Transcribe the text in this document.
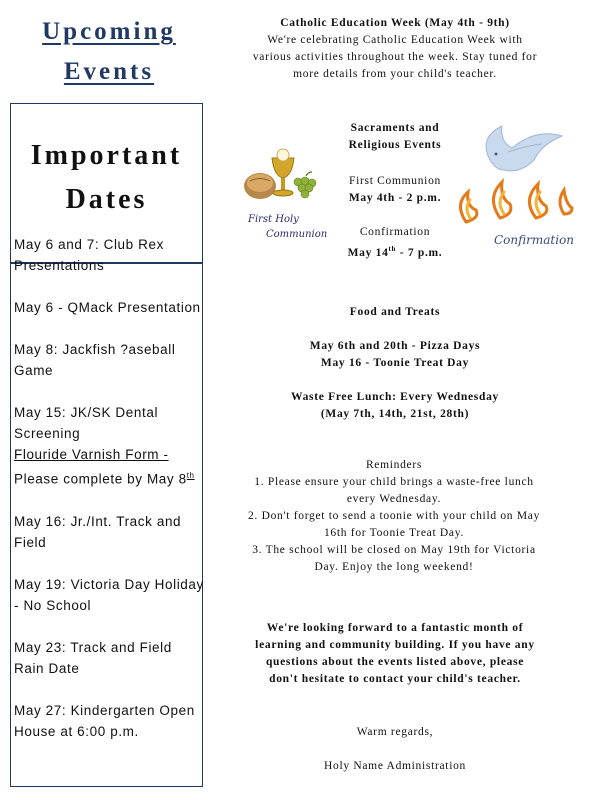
Upcoming
Events
Important
Dates
May 6 and 7: Club Rex Presentations
May 6 - QMack Presentation
May 8: Jackfish ?aseball Game
May 15: JK/SK Dental Screening
Flouride Varnish Form - Please complete by May 8th
May 16: Jr./Int. Track and Field
May 19: Victoria Day Holiday - No School
May 23: Track and Field Rain Date
May 27: Kindergarten Open House at 6:00 p.m.
Catholic Education Week (May 4th - 9th)
We're celebrating Catholic Education Week with various activities throughout the week. Stay tuned for more details from your child's teacher.
Sacraments and
Religious Events
First Communion
May 4th - 2 p.m.
Confirmation
May 14th - 7 p.m.
First Holy
Communion	Confirmation
Food and Treats
May 6th and 20th - Pizza Days
May 16 - Toonie Treat Day
Waste Free Lunch: Every Wednesday
(May 7th, 14th, 21st, 28th)
Reminders
1. Please ensure your child brings a waste-free lunch every Wednesday.
2. Don't forget to send a toonie with your child on May 16th for Toonie Treat Day.
3. The school will be closed on May 19th for Victoria Day. Enjoy the long weekend!
We're looking forward to a fantastic month of learning and community building. If you have any questions about the events listed above, please don't hesitate to contact your child's teacher.
Warm regards,
Holy Name Administration
